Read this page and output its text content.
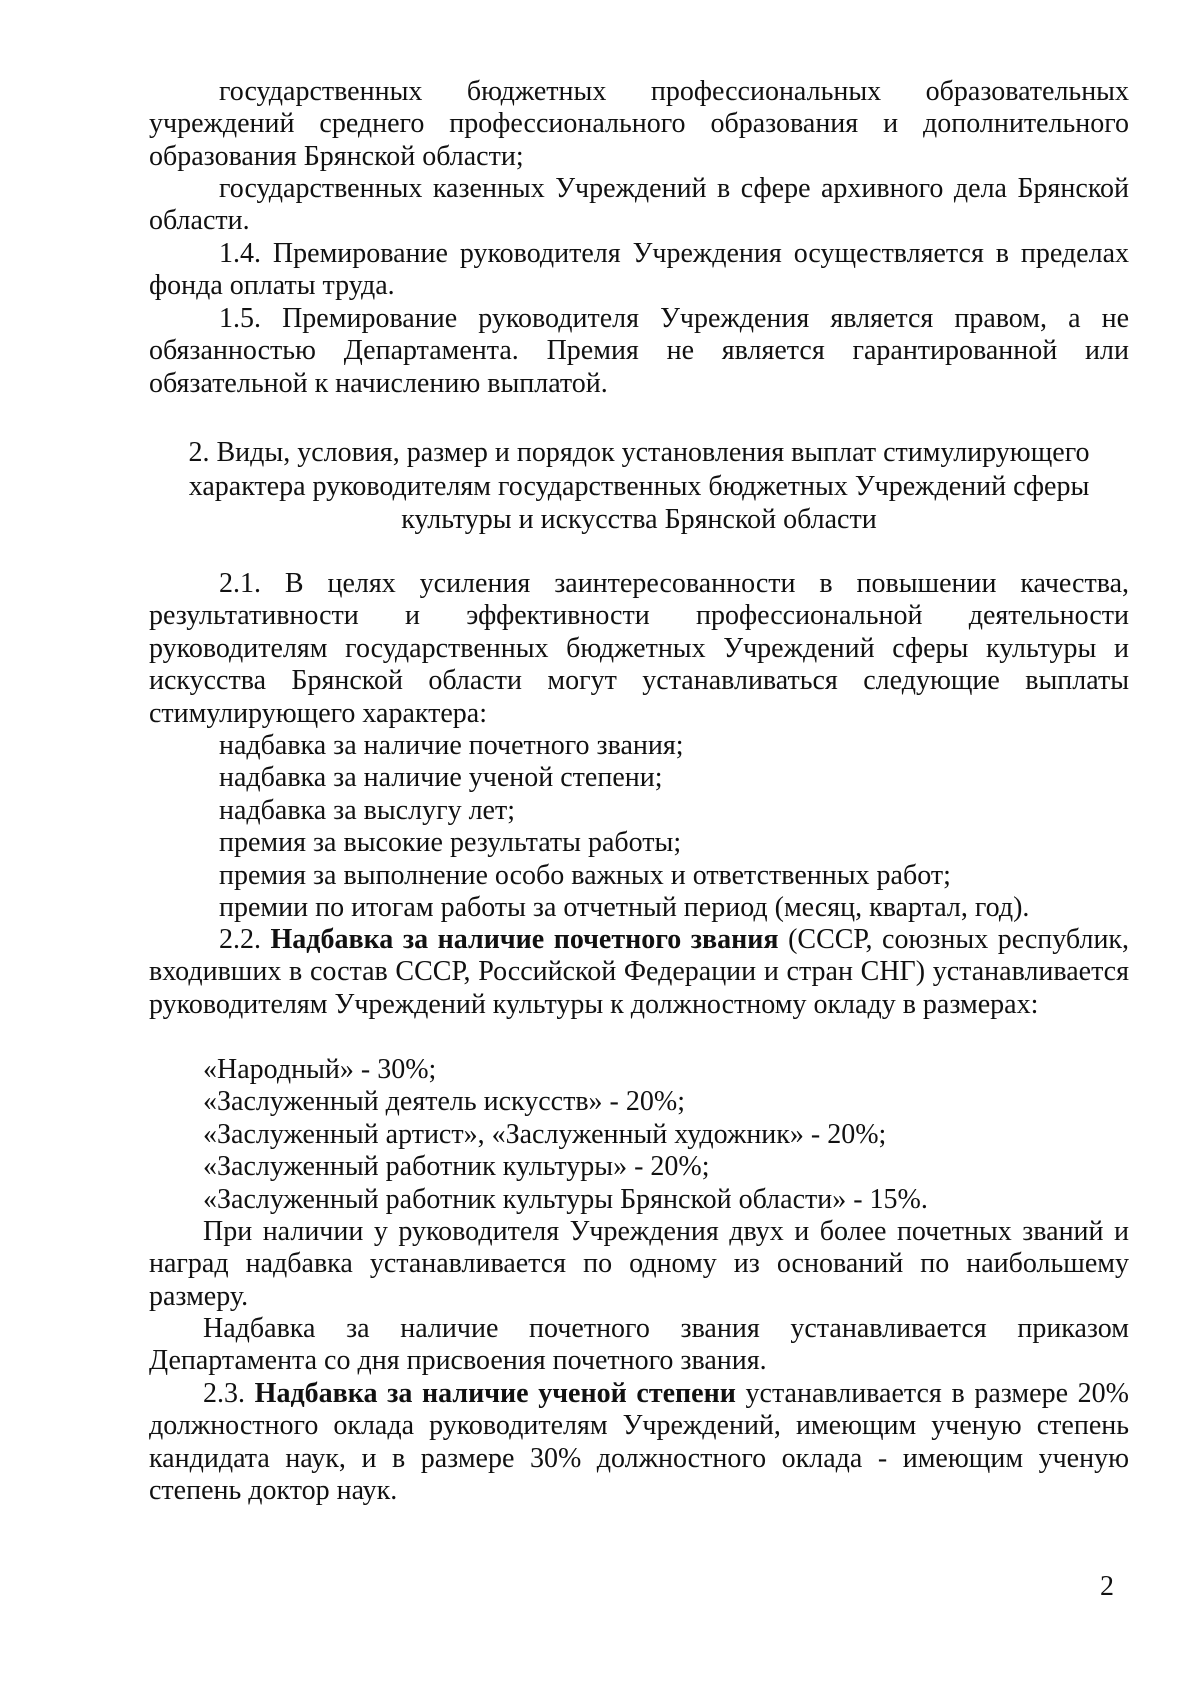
государственных бюджетных профессиональных образовательных учреждений среднего профессионального образования и дополнительного образования Брянской области;

государственных казенных Учреждений в сфере архивного дела Брянской области.

1.4. Премирование руководителя Учреждения осуществляется в пределах фонда оплаты труда.

1.5. Премирование руководителя Учреждения является правом, а не обязанностью Департамента. Премия не является гарантированной или обязательной к начислению выплатой.

2. Виды, условия, размер и порядок установления выплат стимулирующего характера руководителям государственных бюджетных Учреждений сферы культуры и искусства Брянской области

2.1. В целях усиления заинтересованности в повышении качества, результативности и эффективности профессиональной деятельности руководителям государственных бюджетных Учреждений сферы культуры и искусства Брянской области могут устанавливаться следующие выплаты стимулирующего характера:

надбавка за наличие почетного звания;

надбавка за наличие ученой степени;

надбавка за выслугу лет;

премия за высокие результаты работы;

премия за выполнение особо важных и ответственных работ;

премии по итогам работы за отчетный период (месяц, квартал, год).

2.2. Надбавка за наличие почетного звания (СССР, союзных республик, входивших в состав СССР, Российской Федерации и стран СНГ) устанавливается руководителям Учреждений культуры к должностному окладу в размерах:

«Народный» - 30%;

«Заслуженный деятель искусств» - 20%;

«Заслуженный артист», «Заслуженный художник» - 20%;

«Заслуженный работник культуры» - 20%;

«Заслуженный работник культуры Брянской области» - 15%.

При наличии у руководителя Учреждения двух и более почетных званий и наград надбавка устанавливается по одному из оснований по наибольшему размеру.

Надбавка за наличие почетного звания устанавливается приказом Департамента со дня присвоения почетного звания.

2.3. Надбавка за наличие ученой степени устанавливается в размере 20% должностного оклада руководителям Учреждений, имеющим ученую степень кандидата наук, и в размере 30% должностного оклада - имеющим ученую степень доктор наук.

2
